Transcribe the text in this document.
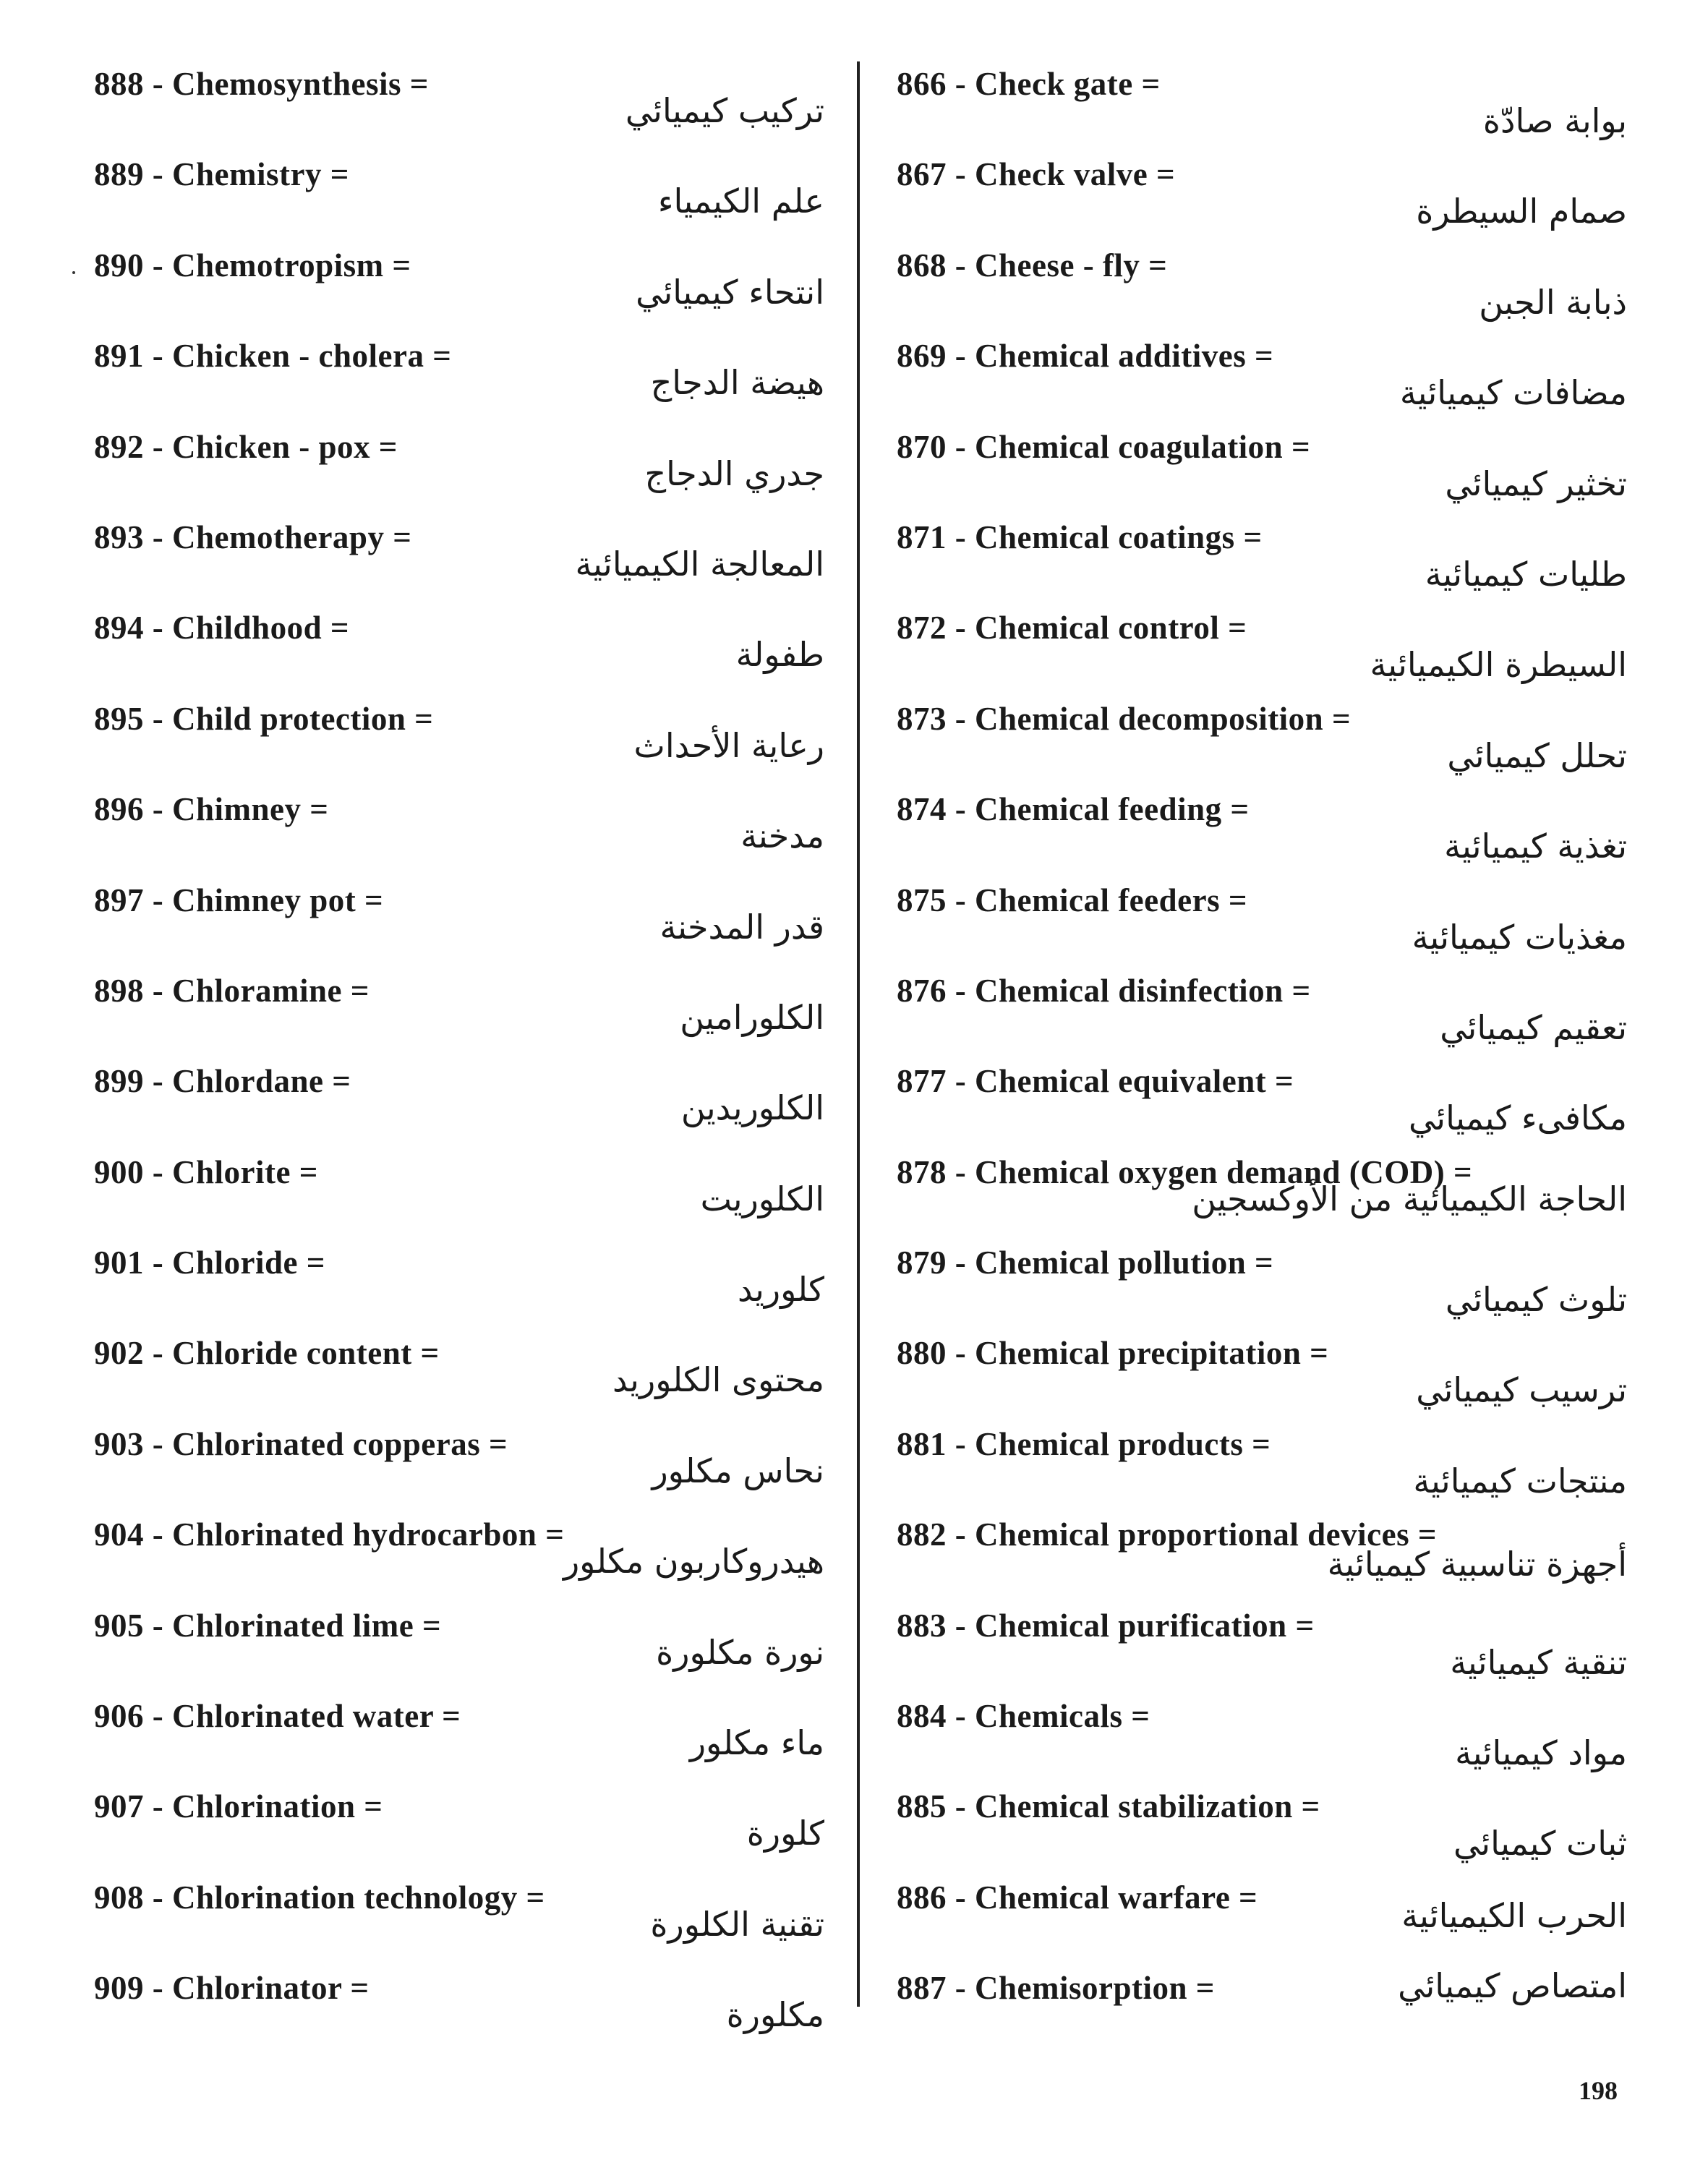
888 - Chemosynthesis =
تركيب كيميائي
889 - Chemistry =
علم الكيمياء
890 - Chemotropism =
انتحاء كيميائي
891 - Chicken - cholera =
هيضة الدجاج
892 - Chicken - pox =
جدري الدجاج
893 - Chemotherapy =
المعالجة الكيميائية
894 - Childhood =
طفولة
895 - Child protection =
رعاية الأحداث
896 - Chimney =
مدخنة
897 - Chimney pot =
قدر المدخنة
898 - Chloramine =
الكلورامين
899 - Chlordane =
الكلوريدين
900 - Chlorite =
الكلوريت
901 - Chloride =
كلوريد
902 - Chloride content =
محتوى الكلوريد
903 - Chlorinated copperas =
نحاس مكلور
904 - Chlorinated hydrocarbon =
هيدروكاربون مكلور
905 - Chlorinated lime =
نورة مكلورة
906 - Chlorinated water =
ماء مكلور
907 - Chlorination =
كلورة
908 - Chlorination technology =
تقنية الكلورة
909 - Chlorinator =
مكلورة
866 - Check gate =
بوابة صادّة
867 - Check valve =
صمام السيطرة
868 - Cheese - fly =
ذبابة الجبن
869 - Chemical additives =
مضافات كيميائية
870 - Chemical coagulation =
تخثير كيميائي
871 - Chemical coatings =
طليات كيميائية
872 - Chemical control =
السيطرة الكيميائية
873 - Chemical decomposition =
تحلل كيميائي
874 - Chemical feeding =
تغذية كيميائية
875 - Chemical feeders =
مغذيات كيميائية
876 - Chemical disinfection =
تعقيم كيميائي
877 - Chemical equivalent =
مكافىء كيميائي
878 - Chemical oxygen demand (COD) =
الحاجة الكيميائية من الأوكسجين
879 - Chemical pollution =
تلوث كيميائي
880 - Chemical precipitation =
ترسيب كيميائي
881 - Chemical products =
منتجات كيميائية
882 - Chemical proportional devices =
أجهزة تناسبية كيميائية
883 - Chemical purification =
تنقية كيميائية
884 - Chemicals =
مواد كيميائية
885 - Chemical stabilization =
ثبات كيميائي
886 - Chemical warfare =	الحرب الكيميائية
887 - Chemisorption =	امتصاص كيميائي
198
